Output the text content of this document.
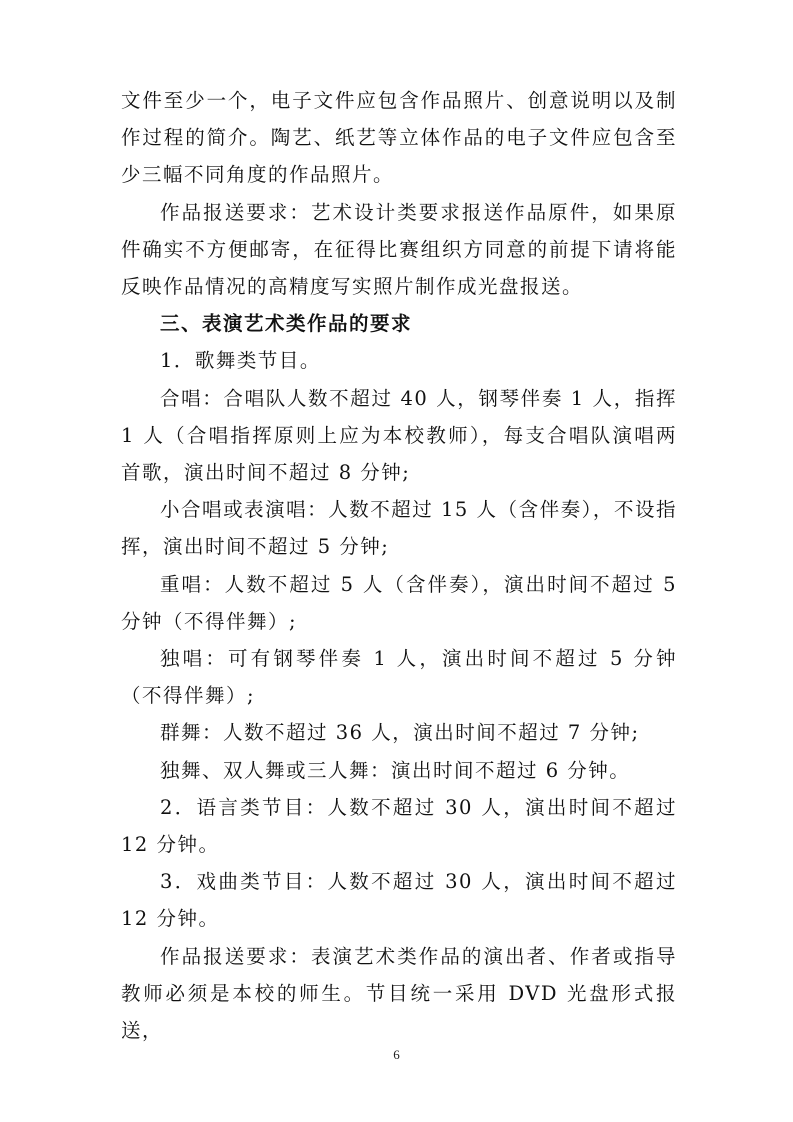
文件至少一个，电子文件应包含作品照片、创意说明以及制作过程的简介。陶艺、纸艺等立体作品的电子文件应包含至少三幅不同角度的作品照片。

作品报送要求：艺术设计类要求报送作品原件，如果原件确实不方便邮寄，在征得比赛组织方同意的前提下请将能反映作品情况的高精度写实照片制作成光盘报送。

三、表演艺术类作品的要求

1．歌舞类节目。

合唱：合唱队人数不超过 40 人，钢琴伴奏 1 人，指挥 1 人（合唱指挥原则上应为本校教师），每支合唱队演唱两首歌，演出时间不超过 8 分钟;

小合唱或表演唱：人数不超过 15 人（含伴奏），不设指挥，演出时间不超过 5 分钟;

重唱：人数不超过 5 人（含伴奏），演出时间不超过 5 分钟（不得伴舞）;

独唱：可有钢琴伴奏 1 人，演出时间不超过 5 分钟（不得伴舞）;

群舞：人数不超过 36 人，演出时间不超过 7 分钟;

独舞、双人舞或三人舞：演出时间不超过 6 分钟。

2．语言类节目：人数不超过 30 人，演出时间不超过 12 分钟。

3．戏曲类节目：人数不超过 30 人，演出时间不超过 12 分钟。

作品报送要求：表演艺术类作品的演出者、作者或指导教师必须是本校的师生。节目统一采用 DVD 光盘形式报送，

6
